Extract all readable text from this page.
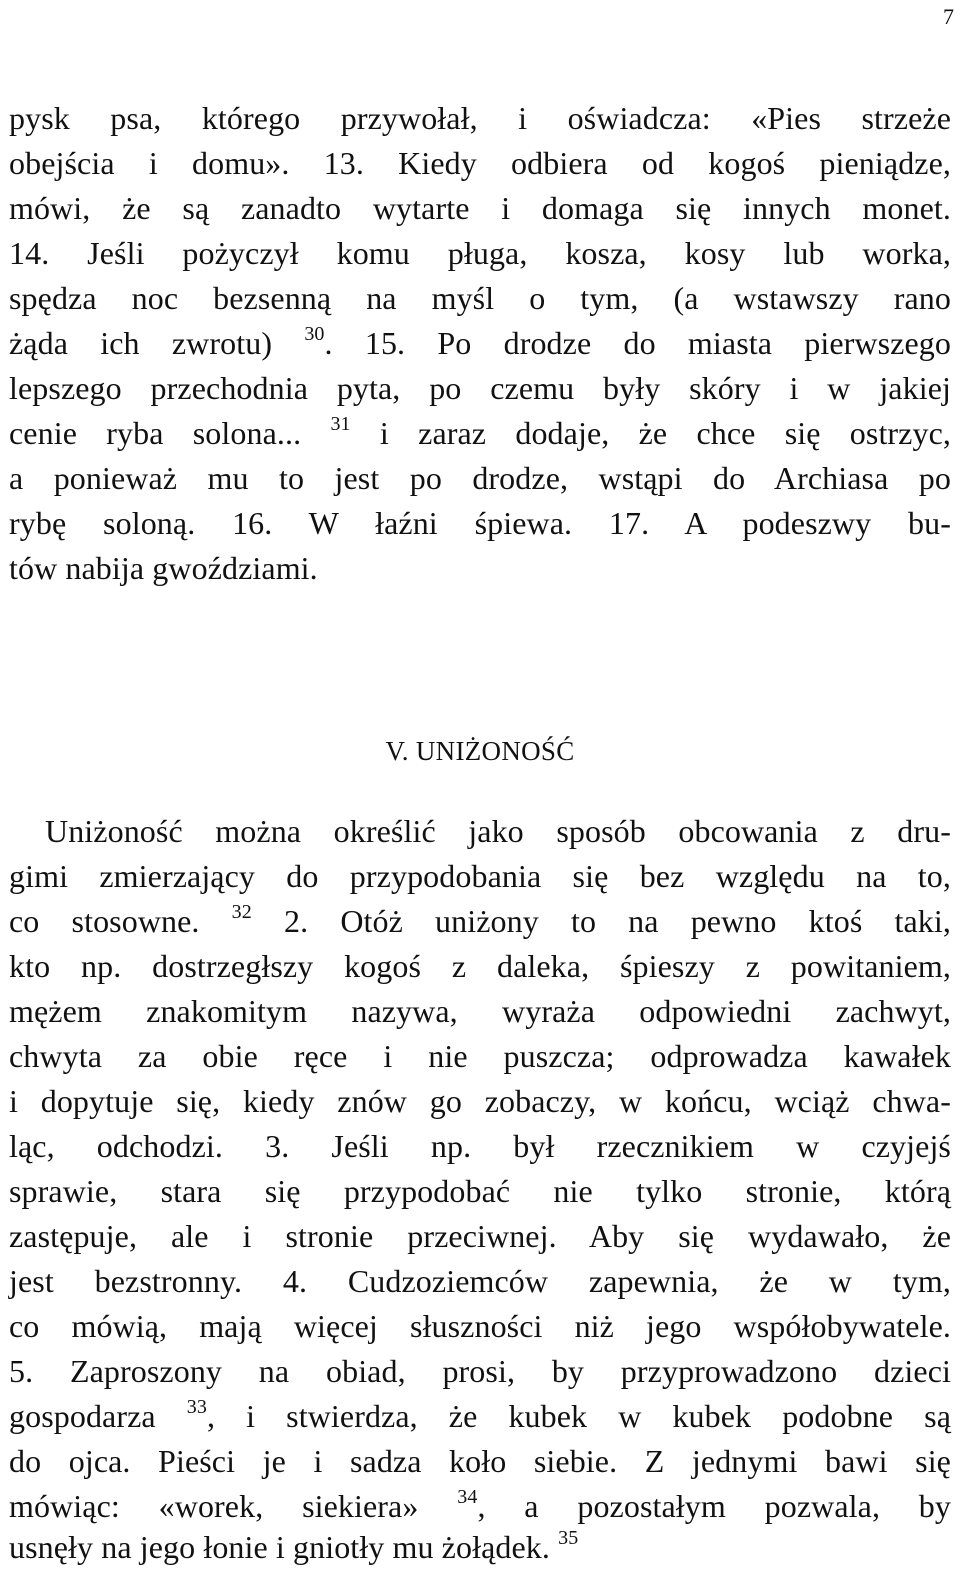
7
pysk psa, którego przywołał, i oświadcza: «Pies strzeże
obejścia i domu». 13. Kiedy odbiera od kogoś pieniądze,
mówi, że są zanadto wytarte i domaga się innych monet.
14. Jeśli pożyczył komu pługa, kosza, kosy lub worka,
spędza noc bezsenną na myśl o tym, (a wstawszy rano
żąda ich zwrotu) $^{30}$. 15. Po drodze do miasta pierwszego
lepszego przechodnia pyta, po czemu były skóry i w jakiej
cenie ryba solona... $^{31}$ i zaraz dodaje, że chce się ostrzyc,
a ponieważ mu to jest po drodze, wstąpi do Archiasa po
rybę soloną. 16. W łaźni śpiewa. 17. A podeszwy bu-
tów nabija gwoździami.
V. UNIŻONOŚĆ
Uniżoność można określić jako sposób obcowania z dru-
gimi zmierzający do przypodobania się bez względu na to,
co stosowne. $^{32}$ 2. Otóż uniżony to na pewno ktoś taki,
kto np. dostrzegłszy kogoś z daleka, śpieszy z powitaniem,
mężem znakomitym nazywa, wyraża odpowiedni zachwyt,
chwyta za obie ręce i nie puszcza; odprowadza kawałek
i dopytuje się, kiedy znów go zobaczy, w końcu, wciąż chwa-
ląc, odchodzi. 3. Jeśli np. był rzecznikiem w czyjejś
sprawie, stara się przypodobać nie tylko stronie, którą
zastępuje, ale i stronie przeciwnej. Aby się wydawało, że
jest bezstronny. 4. Cudzoziemców zapewnia, że w tym,
co mówią, mają więcej słuszności niż jego współobywatele.
5. Zaproszony na obiad, prosi, by przyprowadzono dzieci
gospodarza $^{33}$, i stwierdza, że kubek w kubek podobne są
do ojca. Pieści je i sadza koło siebie. Z jednymi bawi się
mówiąc: «worek, siekiera» $^{34}$, a pozostałym pozwala, by
usnęły na jego łonie i gniotły mu żołądek. $^{35}$
